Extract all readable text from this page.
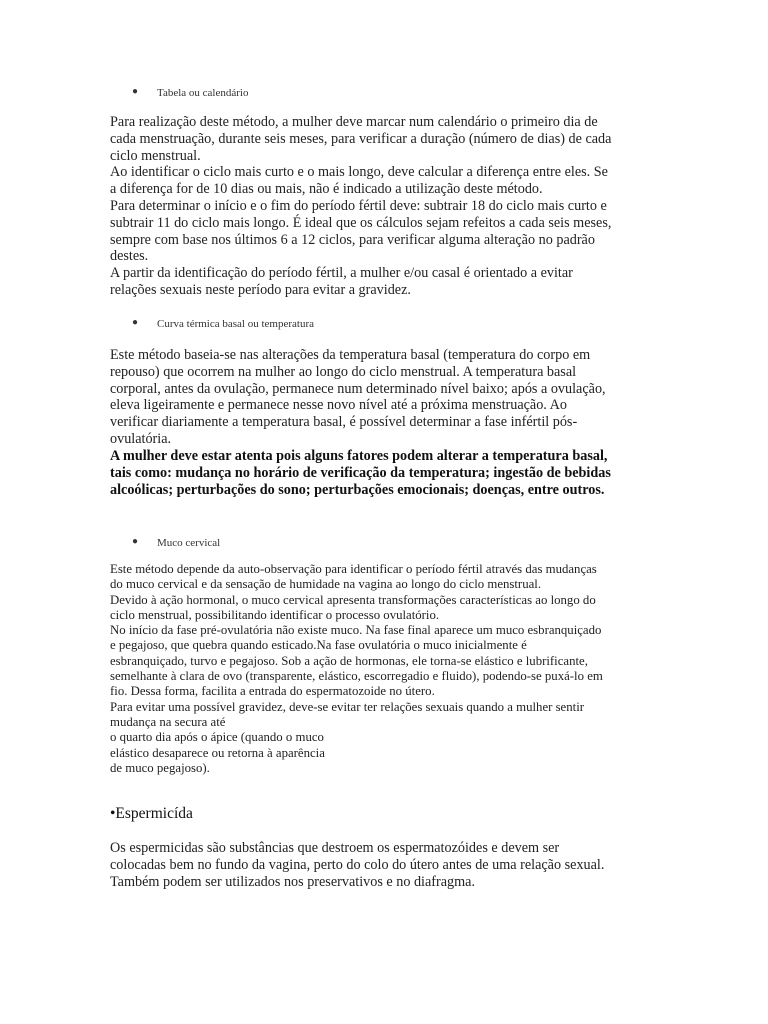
● Tabela ou calendário

Para realização deste método, a mulher deve marcar num calendário o primeiro dia de
cada menstruação, durante seis meses, para verificar a duração (número de dias) de cada
ciclo menstrual.
Ao identificar o ciclo mais curto e o mais longo, deve calcular a diferença entre eles. Se
a diferença for de 10 dias ou mais, não é indicado a utilização deste método.
Para determinar o início e o fim do período fértil deve: subtrair 18 do ciclo mais curto e
subtrair 11 do ciclo mais longo. É ideal que os cálculos sejam refeitos a cada seis meses,
sempre com base nos últimos 6 a 12 ciclos, para verificar alguma alteração no padrão
destes.
A partir da identificação do período fértil, a mulher e/ou casal é orientado a evitar
relações sexuais neste período para evitar a gravidez.

● Curva térmica basal ou temperatura

Este método baseia-se nas alterações da temperatura basal (temperatura do corpo em
repouso) que ocorrem na mulher ao longo do ciclo menstrual. A temperatura basal
corporal, antes da ovulação, permanece num determinado nível baixo; após a ovulação,
eleva ligeiramente e permanece nesse novo nível até a próxima menstruação. Ao
verificar diariamente a temperatura basal, é possível determinar a fase infértil pós-
ovulatória.

A mulher deve estar atenta pois alguns fatores podem alterar a temperatura basal,
tais como: mudança no horário de verificação da temperatura; ingestão de bebidas
alcoólicas; perturbações do sono; perturbações emocionais; doenças, entre outros.

● Muco cervical

Este método depende da auto-observação para identificar o período fértil através das mudanças
do muco cervical e da sensação de humidade na vagina ao longo do ciclo menstrual.
Devido à ação hormonal, o muco cervical apresenta transformações características ao longo do
ciclo menstrual, possibilitando identificar o processo ovulatório.
No início da fase pré-ovulatória não existe muco. Na fase final aparece um muco esbranquiçado
e pegajoso, que quebra quando esticado.Na fase ovulatória o muco inicialmente é
esbranquiçado, turvo e pegajoso. Sob a ação de hormonas, ele torna-se elástico e lubrificante,
semelhante à clara de ovo (transparente, elástico, escorregadio e fluido), podendo-se puxá-lo em
fio. Dessa forma, facilita a entrada do espermatozoide no útero.
Para evitar uma possível gravidez, deve-se evitar ter relações sexuais quando a mulher sentir
mudança na secura até
o quarto dia após o ápice (quando o muco
elástico desaparece ou retorna à aparência
de muco pegajoso).

•Espermicída

Os espermicidas são substâncias que destroem os espermatozóides e devem ser
colocadas bem no fundo da vagina, perto do colo do útero antes de uma relação sexual.
Também podem ser utilizados nos preservativos e no diafragma.
